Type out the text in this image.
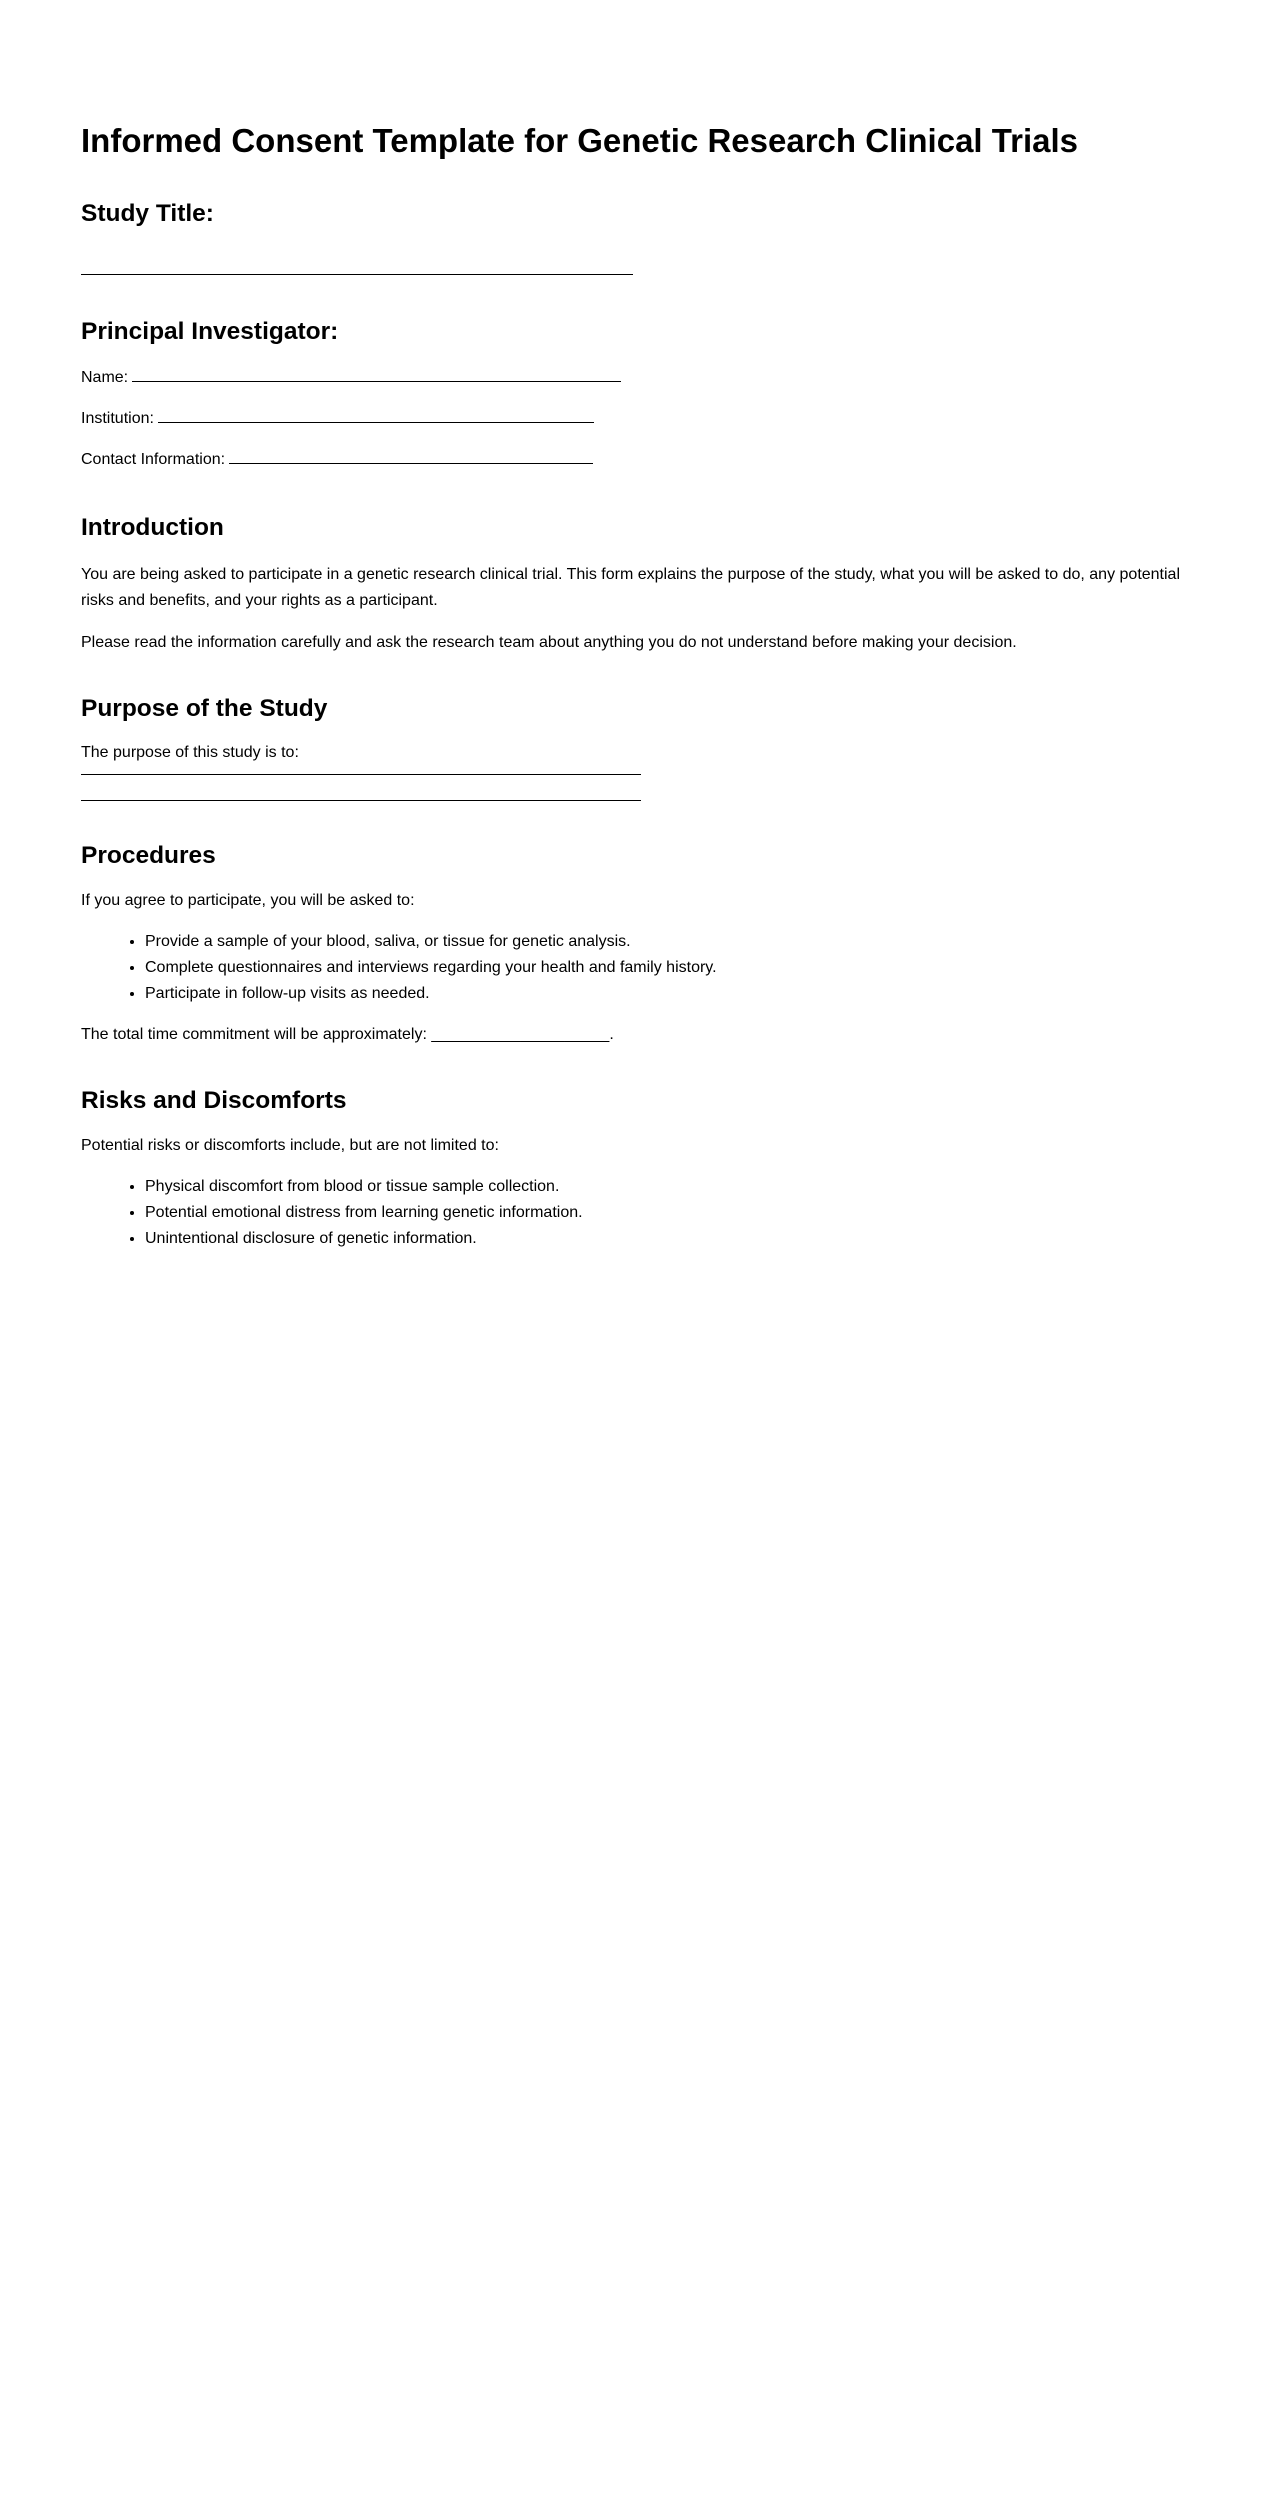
Informed Consent Template for Genetic Research Clinical Trials
Study Title:
Principal Investigator:

Name:

Institution:

Contact Information:

Introduction

You are being asked to participate in a genetic research clinical trial. This form explains the purpose of the study, what you will be asked to do, any potential risks and benefits, and your rights as a participant.

Please read the information carefully and ask the research team about anything you do not understand before making your decision.

Purpose of the Study

The purpose of this study is to:

Procedures

If you agree to participate, you will be asked to:

• Provide a sample of your blood, saliva, or tissue for genetic analysis.
• Complete questionnaires and interviews regarding your health and family history.
• Participate in follow-up visits as needed.

The total time commitment will be approximately: ____________________.

Risks and Discomforts

Potential risks or discomforts include, but are not limited to:

• Physical discomfort from blood or tissue sample collection.
• Potential emotional distress from learning genetic information.
• Unintentional disclosure of genetic information.
